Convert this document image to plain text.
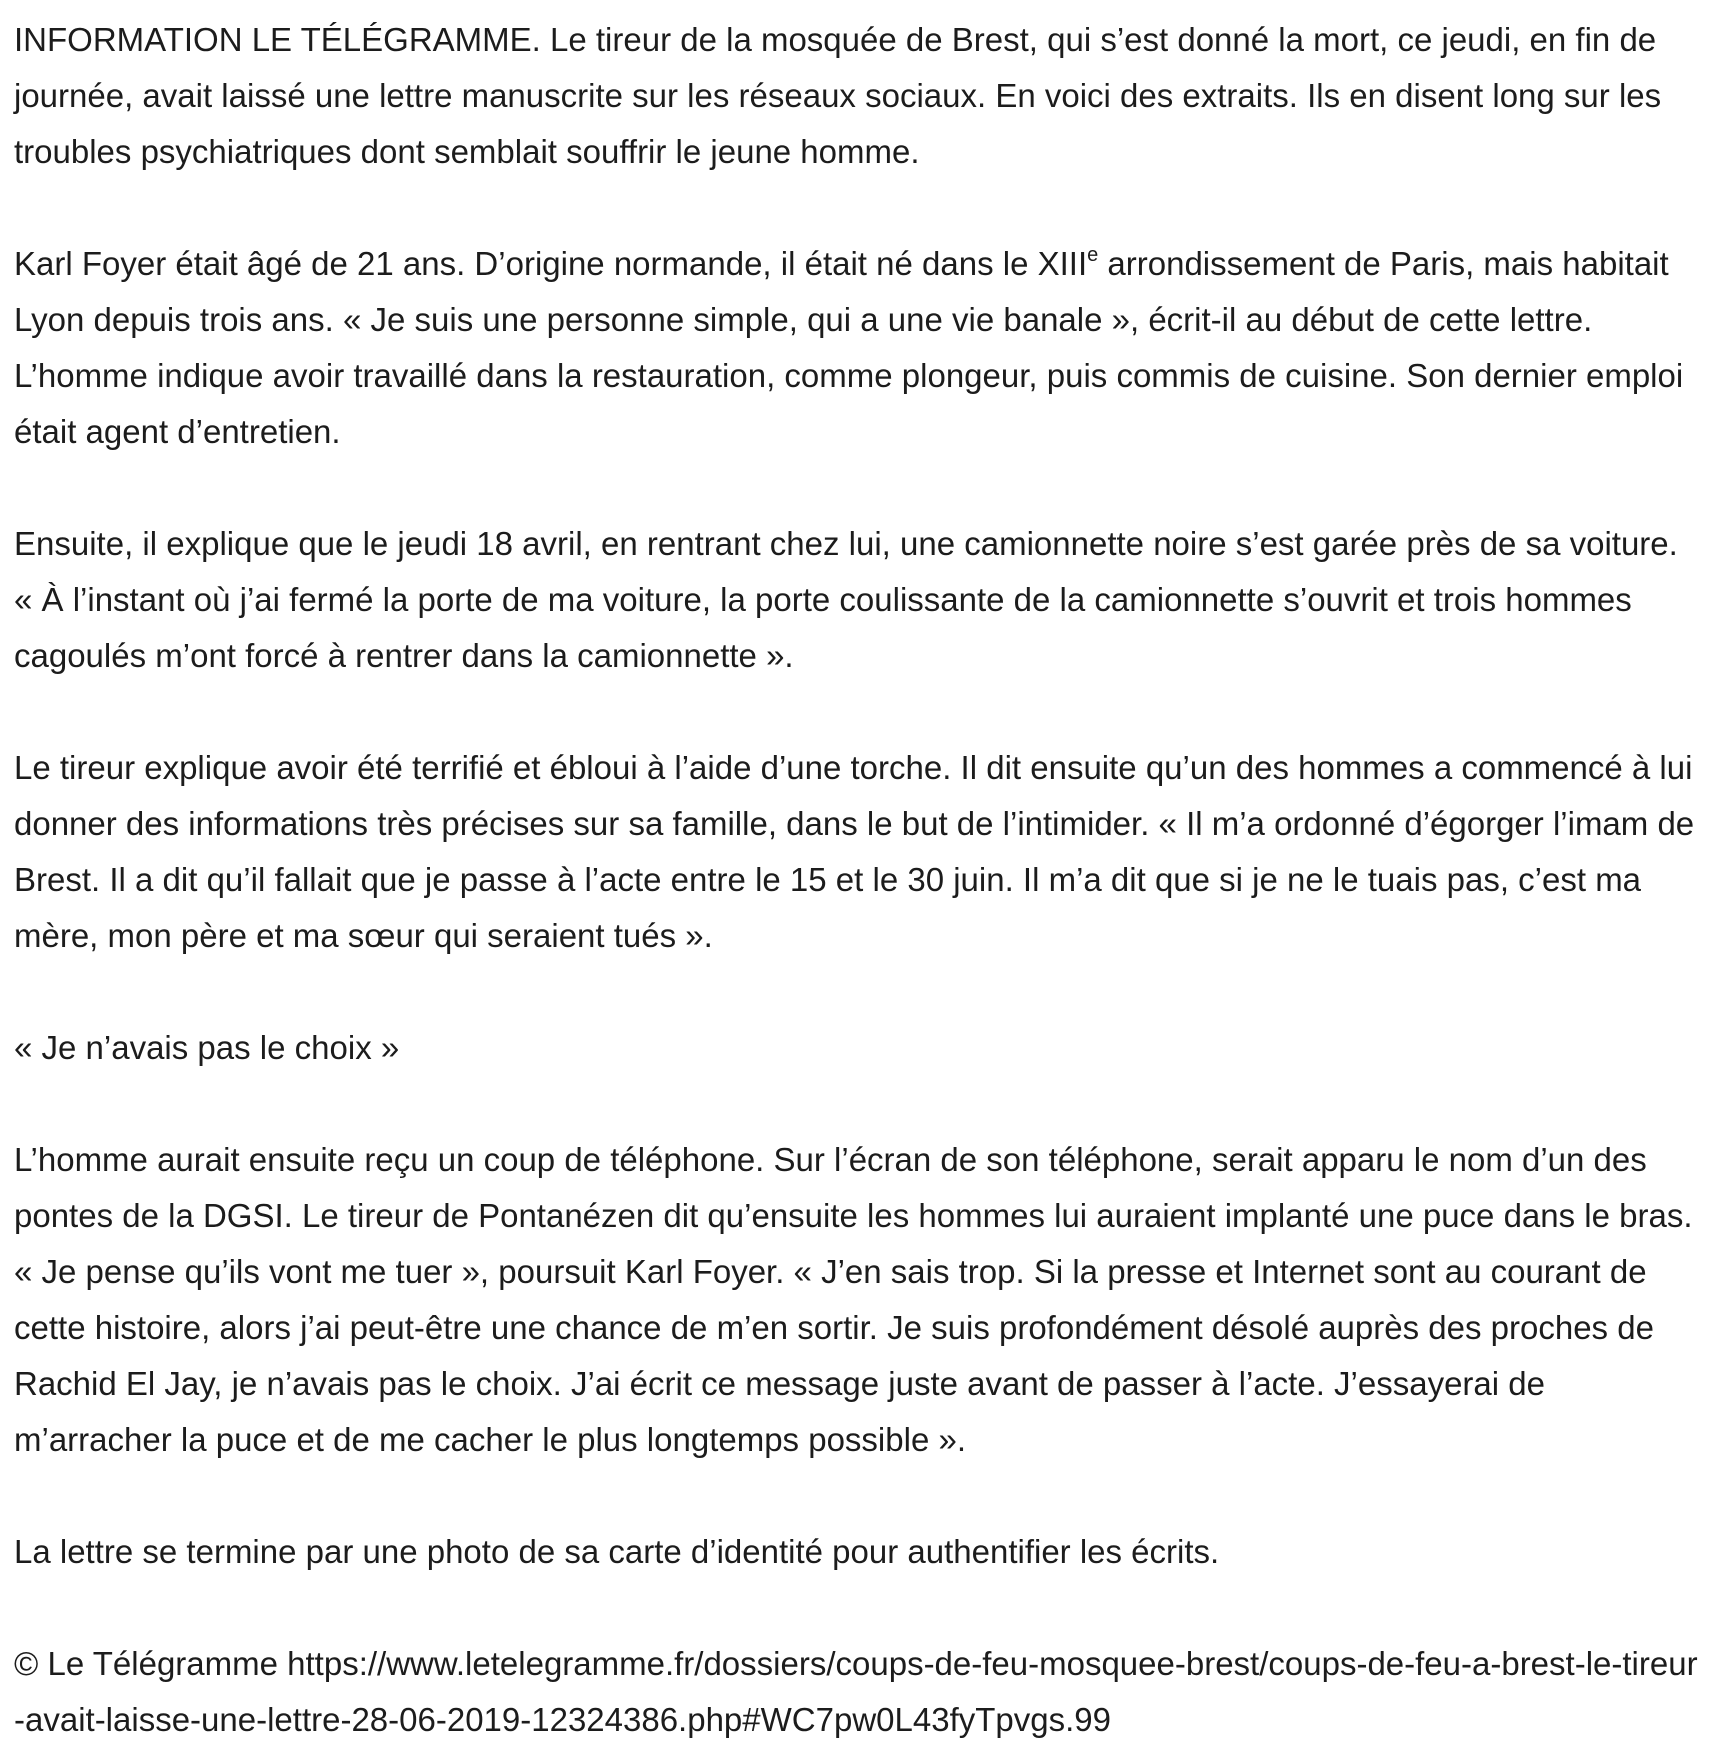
INFORMATION LE TÉLÉGRAMME. Le tireur de la mosquée de Brest, qui s’est donné la mort, ce jeudi, en fin de journée, avait laissé une lettre manuscrite sur les réseaux sociaux. En voici des extraits. Ils en disent long sur les troubles psychiatriques dont semblait souffrir le jeune homme.

Karl Foyer était âgé de 21 ans. D’origine normande, il était né dans le XIIIe arrondissement de Paris, mais habitait Lyon depuis trois ans. « Je suis une personne simple, qui a une vie banale », écrit-il au début de cette lettre. L’homme indique avoir travaillé dans la restauration, comme plongeur, puis commis de cuisine. Son dernier emploi était agent d’entretien.

Ensuite, il explique que le jeudi 18 avril, en rentrant chez lui, une camionnette noire s’est garée près de sa voiture. « À l’instant où j’ai fermé la porte de ma voiture, la porte coulissante de la camionnette s’ouvrit et trois hommes cagoulés m’ont forcé à rentrer dans la camionnette ».

Le tireur explique avoir été terrifié et ébloui à l’aide d’une torche. Il dit ensuite qu’un des hommes a commencé à lui donner des informations très précises sur sa famille, dans le but de l’intimider. « Il m’a ordonné d’égorger l’imam de Brest. Il a dit qu’il fallait que je passe à l’acte entre le 15 et le 30 juin. Il m’a dit que si je ne le tuais pas, c’est ma mère, mon père et ma sœur qui seraient tués ».

« Je n’avais pas le choix »

L’homme aurait ensuite reçu un coup de téléphone. Sur l’écran de son téléphone, serait apparu le nom d’un des pontes de la DGSI. Le tireur de Pontanézen dit qu’ensuite les hommes lui auraient implanté une puce dans le bras. « Je pense qu’ils vont me tuer », poursuit Karl Foyer. « J’en sais trop. Si la presse et Internet sont au courant de cette histoire, alors j’ai peut-être une chance de m’en sortir. Je suis profondément désolé auprès des proches de Rachid El Jay, je n’avais pas le choix. J’ai écrit ce message juste avant de passer à l’acte. J’essayerai de m’arracher la puce et de me cacher le plus longtemps possible ».

La lettre se termine par une photo de sa carte d’identité pour authentifier les écrits.

© Le Télégramme https://www.letelegramme.fr/dossiers/coups-de-feu-mosquee-brest/coups-de-feu-a-brest-le-tireur-avait-laisse-une-lettre-28-06-2019-12324386.php#WC7pw0L43fyTpvgs.99
